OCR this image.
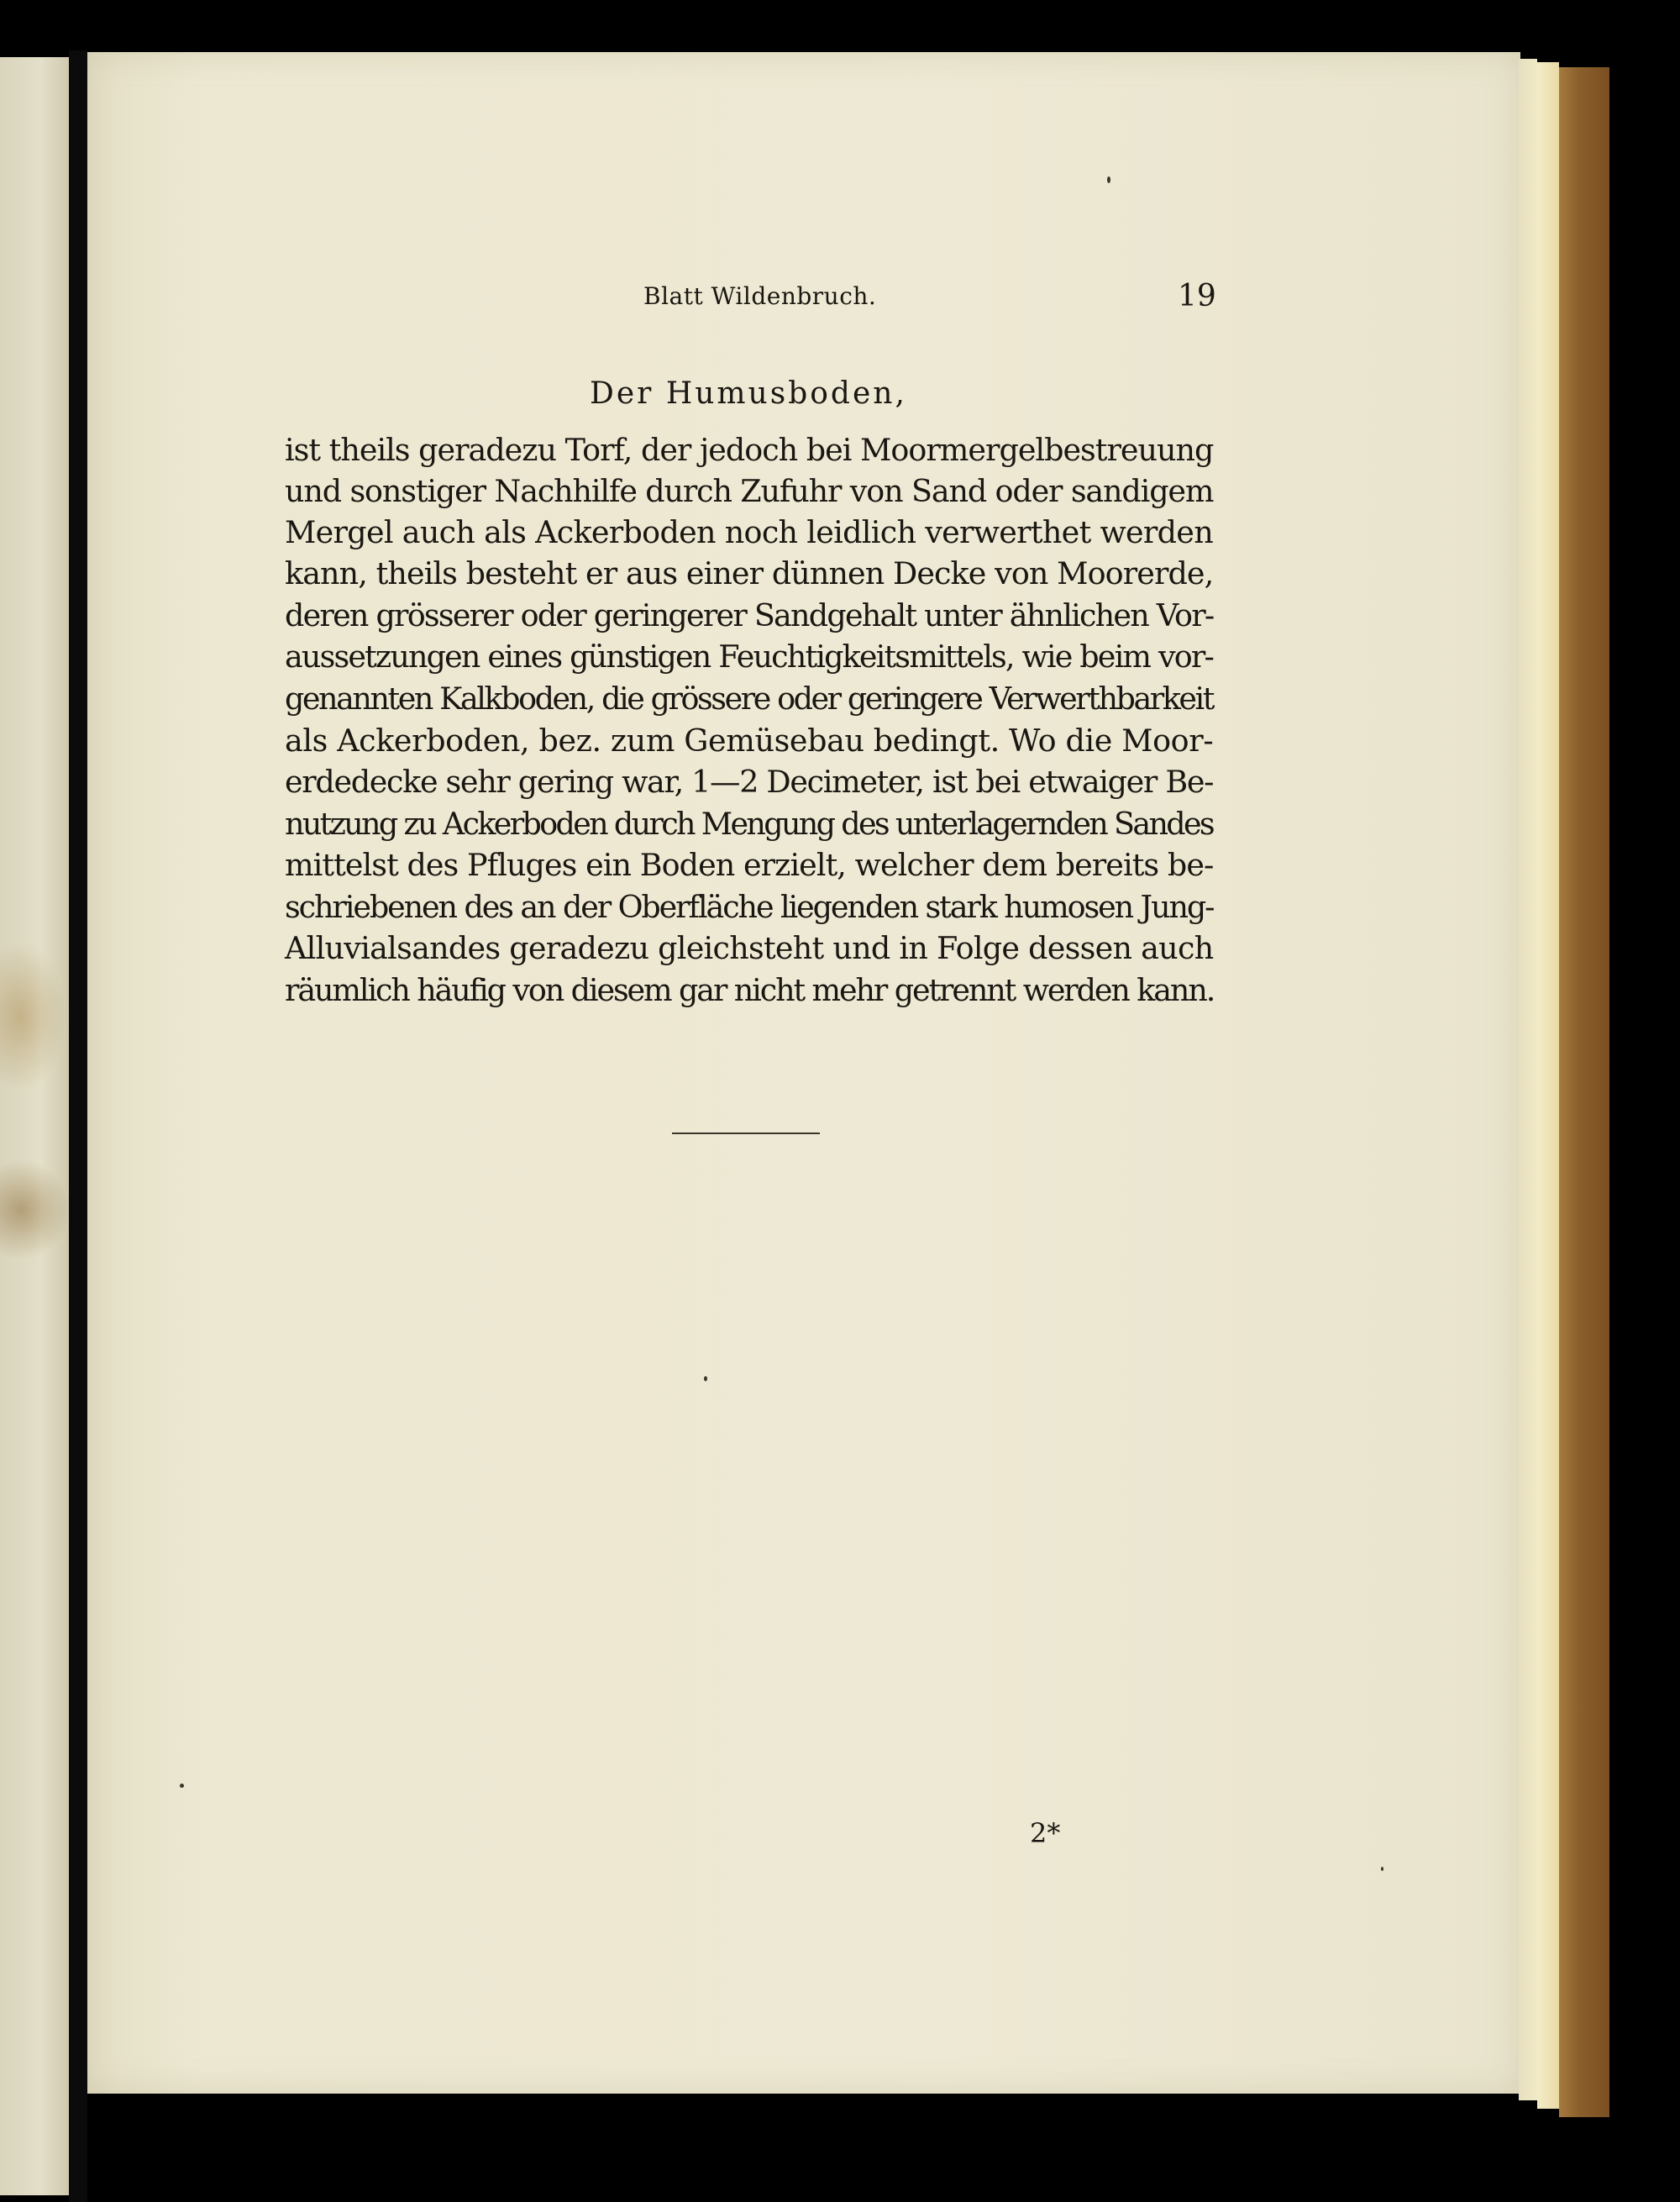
Blatt Wildenbruch.	19
Der Humusboden,
ist theils geradezu Torf, der jedoch bei Moormergelbestreuung
und sonstiger Nachhilfe durch Zufuhr von Sand oder sandigem
Mergel auch als Ackerboden noch leidlich verwerthet werden
kann, theils besteht er aus einer dünnen Decke von Moorerde,
deren grösserer oder geringerer Sandgehalt unter ähnlichen Vor-
aussetzungen eines günstigen Feuchtigkeitsmittels, wie beim vor-
genannten Kalkboden, die grössere oder geringere Verwerthbarkeit
als Ackerboden, bez. zum Gemüsebau bedingt. Wo die Moor-
erdedecke sehr gering war, 1—2 Decimeter, ist bei etwaiger Be-
nutzung zu Ackerboden durch Mengung des unterlagernden Sandes
mittelst des Pfluges ein Boden erzielt, welcher dem bereits be-
schriebenen des an der Oberfläche liegenden stark humosen Jung-
Alluvialsandes geradezu gleichsteht und in Folge dessen auch
räumlich häufig von diesem gar nicht mehr getrennt werden kann.
2*
